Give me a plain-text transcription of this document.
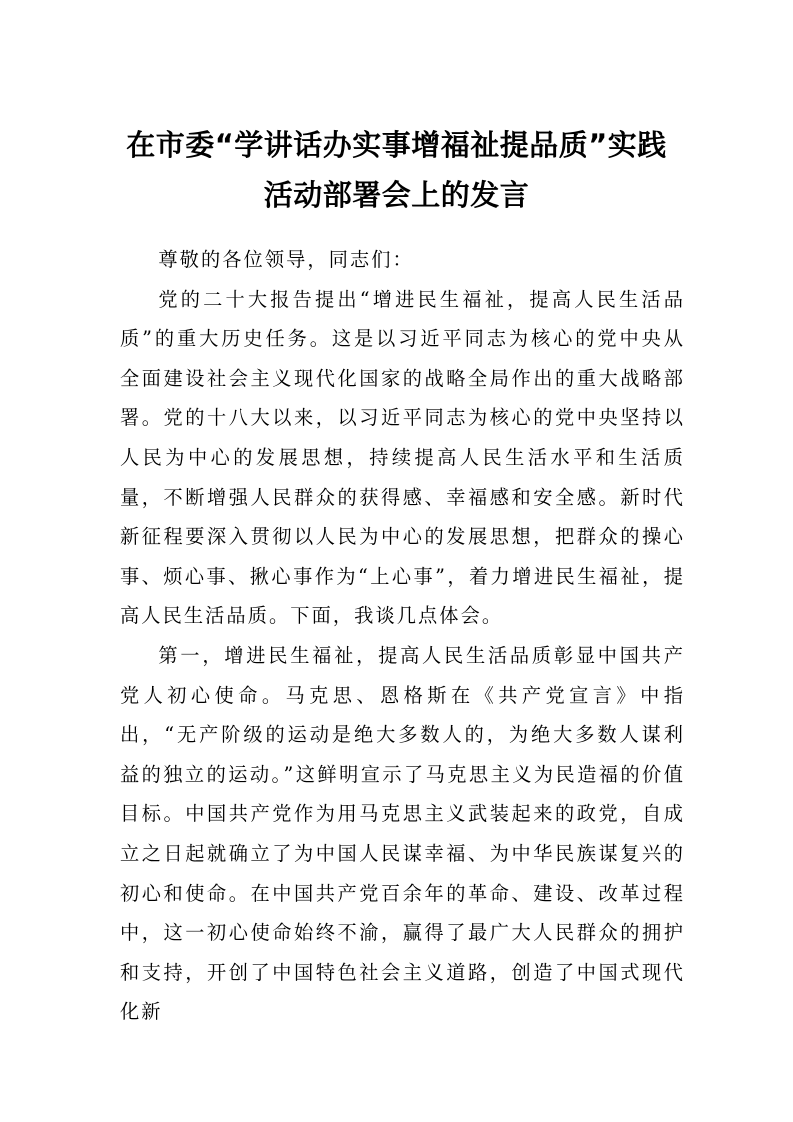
在市委“学讲话办实事增福祉提品质”实践
活动部署会上的发言

尊敬的各位领导，同志们：

党的二十大报告提出“增进民生福祉，提高人民生活品质”的重大历史任务。这是以习近平同志为核心的党中央从全面建设社会主义现代化国家的战略全局作出的重大战略部署。党的十八大以来，以习近平同志为核心的党中央坚持以人民为中心的发展思想，持续提高人民生活水平和生活质量，不断增强人民群众的获得感、幸福感和安全感。新时代新征程要深入贯彻以人民为中心的发展思想，把群众的操心事、烦心事、揪心事作为“上心事”，着力增进民生福祉，提高人民生活品质。下面，我谈几点体会。

第一，增进民生福祉，提高人民生活品质彰显中国共产党人初心使命。马克思、恩格斯在《共产党宣言》中指出，“无产阶级的运动是绝大多数人的，为绝大多数人谋利益的独立的运动。”这鲜明宣示了马克思主义为民造福的价值目标。中国共产党作为用马克思主义武装起来的政党，自成立之日起就确立了为中国人民谋幸福、为中华民族谋复兴的初心和使命。在中国共产党百余年的革命、建设、改革过程中，这一初心使命始终不渝，赢得了最广大人民群众的拥护和支持，开创了中国特色社会主义道路，创造了中国式现代化新
